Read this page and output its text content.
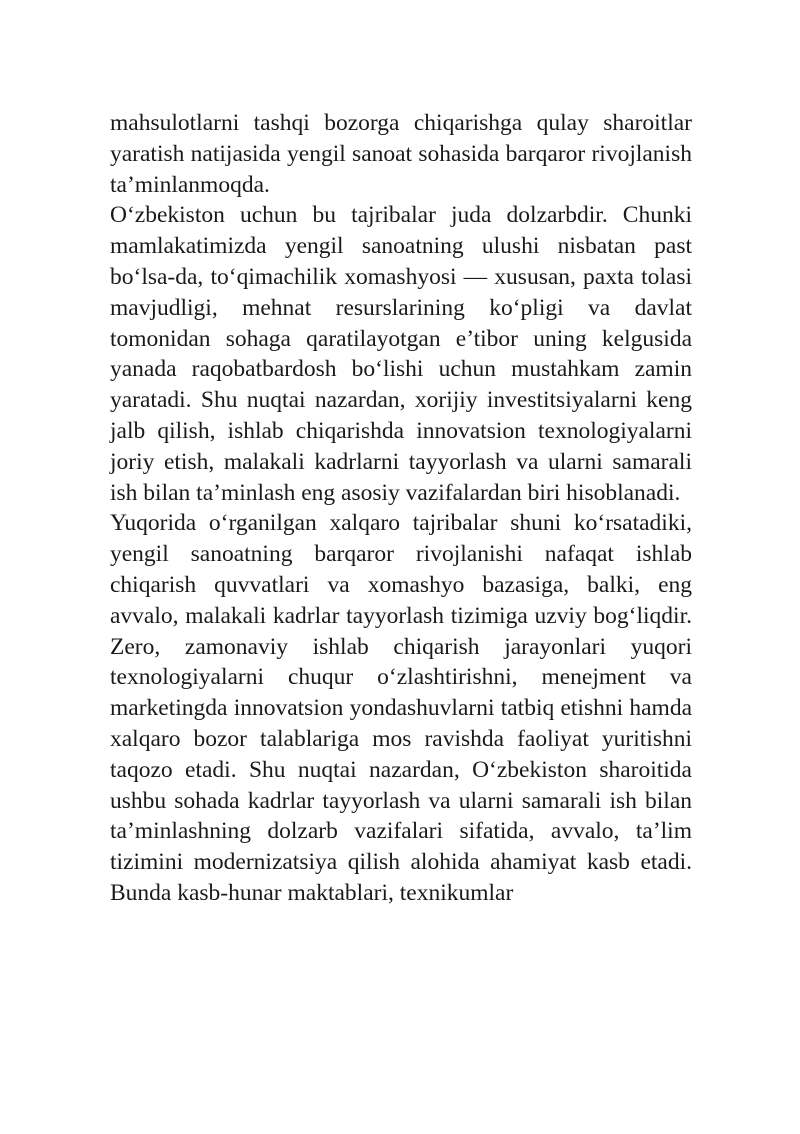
mahsulotlarni tashqi bozorga chiqarishga qulay sharoitlar yaratish natijasida yengil sanoat sohasida barqaror rivojlanish ta’minlanmoqda.

O‘zbekiston uchun bu tajribalar juda dolzarbdir. Chunki mamlakatimizda yengil sanoatning ulushi nisbatan past bo‘lsa-da, to‘qimachilik xomashyosi — xususan, paxta tolasi mavjudligi, mehnat resurslarining ko‘pligi va davlat tomonidan sohaga qaratilayotgan e’tibor uning kelgusida yanada raqobatbardosh bo‘lishi uchun mustahkam zamin yaratadi. Shu nuqtai nazardan, xorijiy investitsiyalarni keng jalb qilish, ishlab chiqarishda innovatsion texnologiyalarni joriy etish, malakali kadrlarni tayyorlash va ularni samarali ish bilan ta’minlash eng asosiy vazifalardan biri hisoblanadi.

Yuqorida o‘rganilgan xalqaro tajribalar shuni ko‘rsatadiki, yengil sanoatning barqaror rivojlanishi nafaqat ishlab chiqarish quvvatlari va xomashyo bazasiga, balki, eng avvalo, malakali kadrlar tayyorlash tizimiga uzviy bog‘liqdir. Zero, zamonaviy ishlab chiqarish jarayonlari yuqori texnologiyalarni chuqur o‘zlashtirishni, menejment va marketingda innovatsion yondashuvlarni tatbiq etishni hamda xalqaro bozor talablariga mos ravishda faoliyat yuritishni taqozo etadi. Shu nuqtai nazardan, O‘zbekiston sharoitida ushbu sohada kadrlar tayyorlash va ularni samarali ish bilan ta’minlashning dolzarb vazifalari sifatida, avvalo, ta’lim tizimini modernizatsiya qilish alohida ahamiyat kasb etadi. Bunda kasb-hunar maktablari, texnikumlar
